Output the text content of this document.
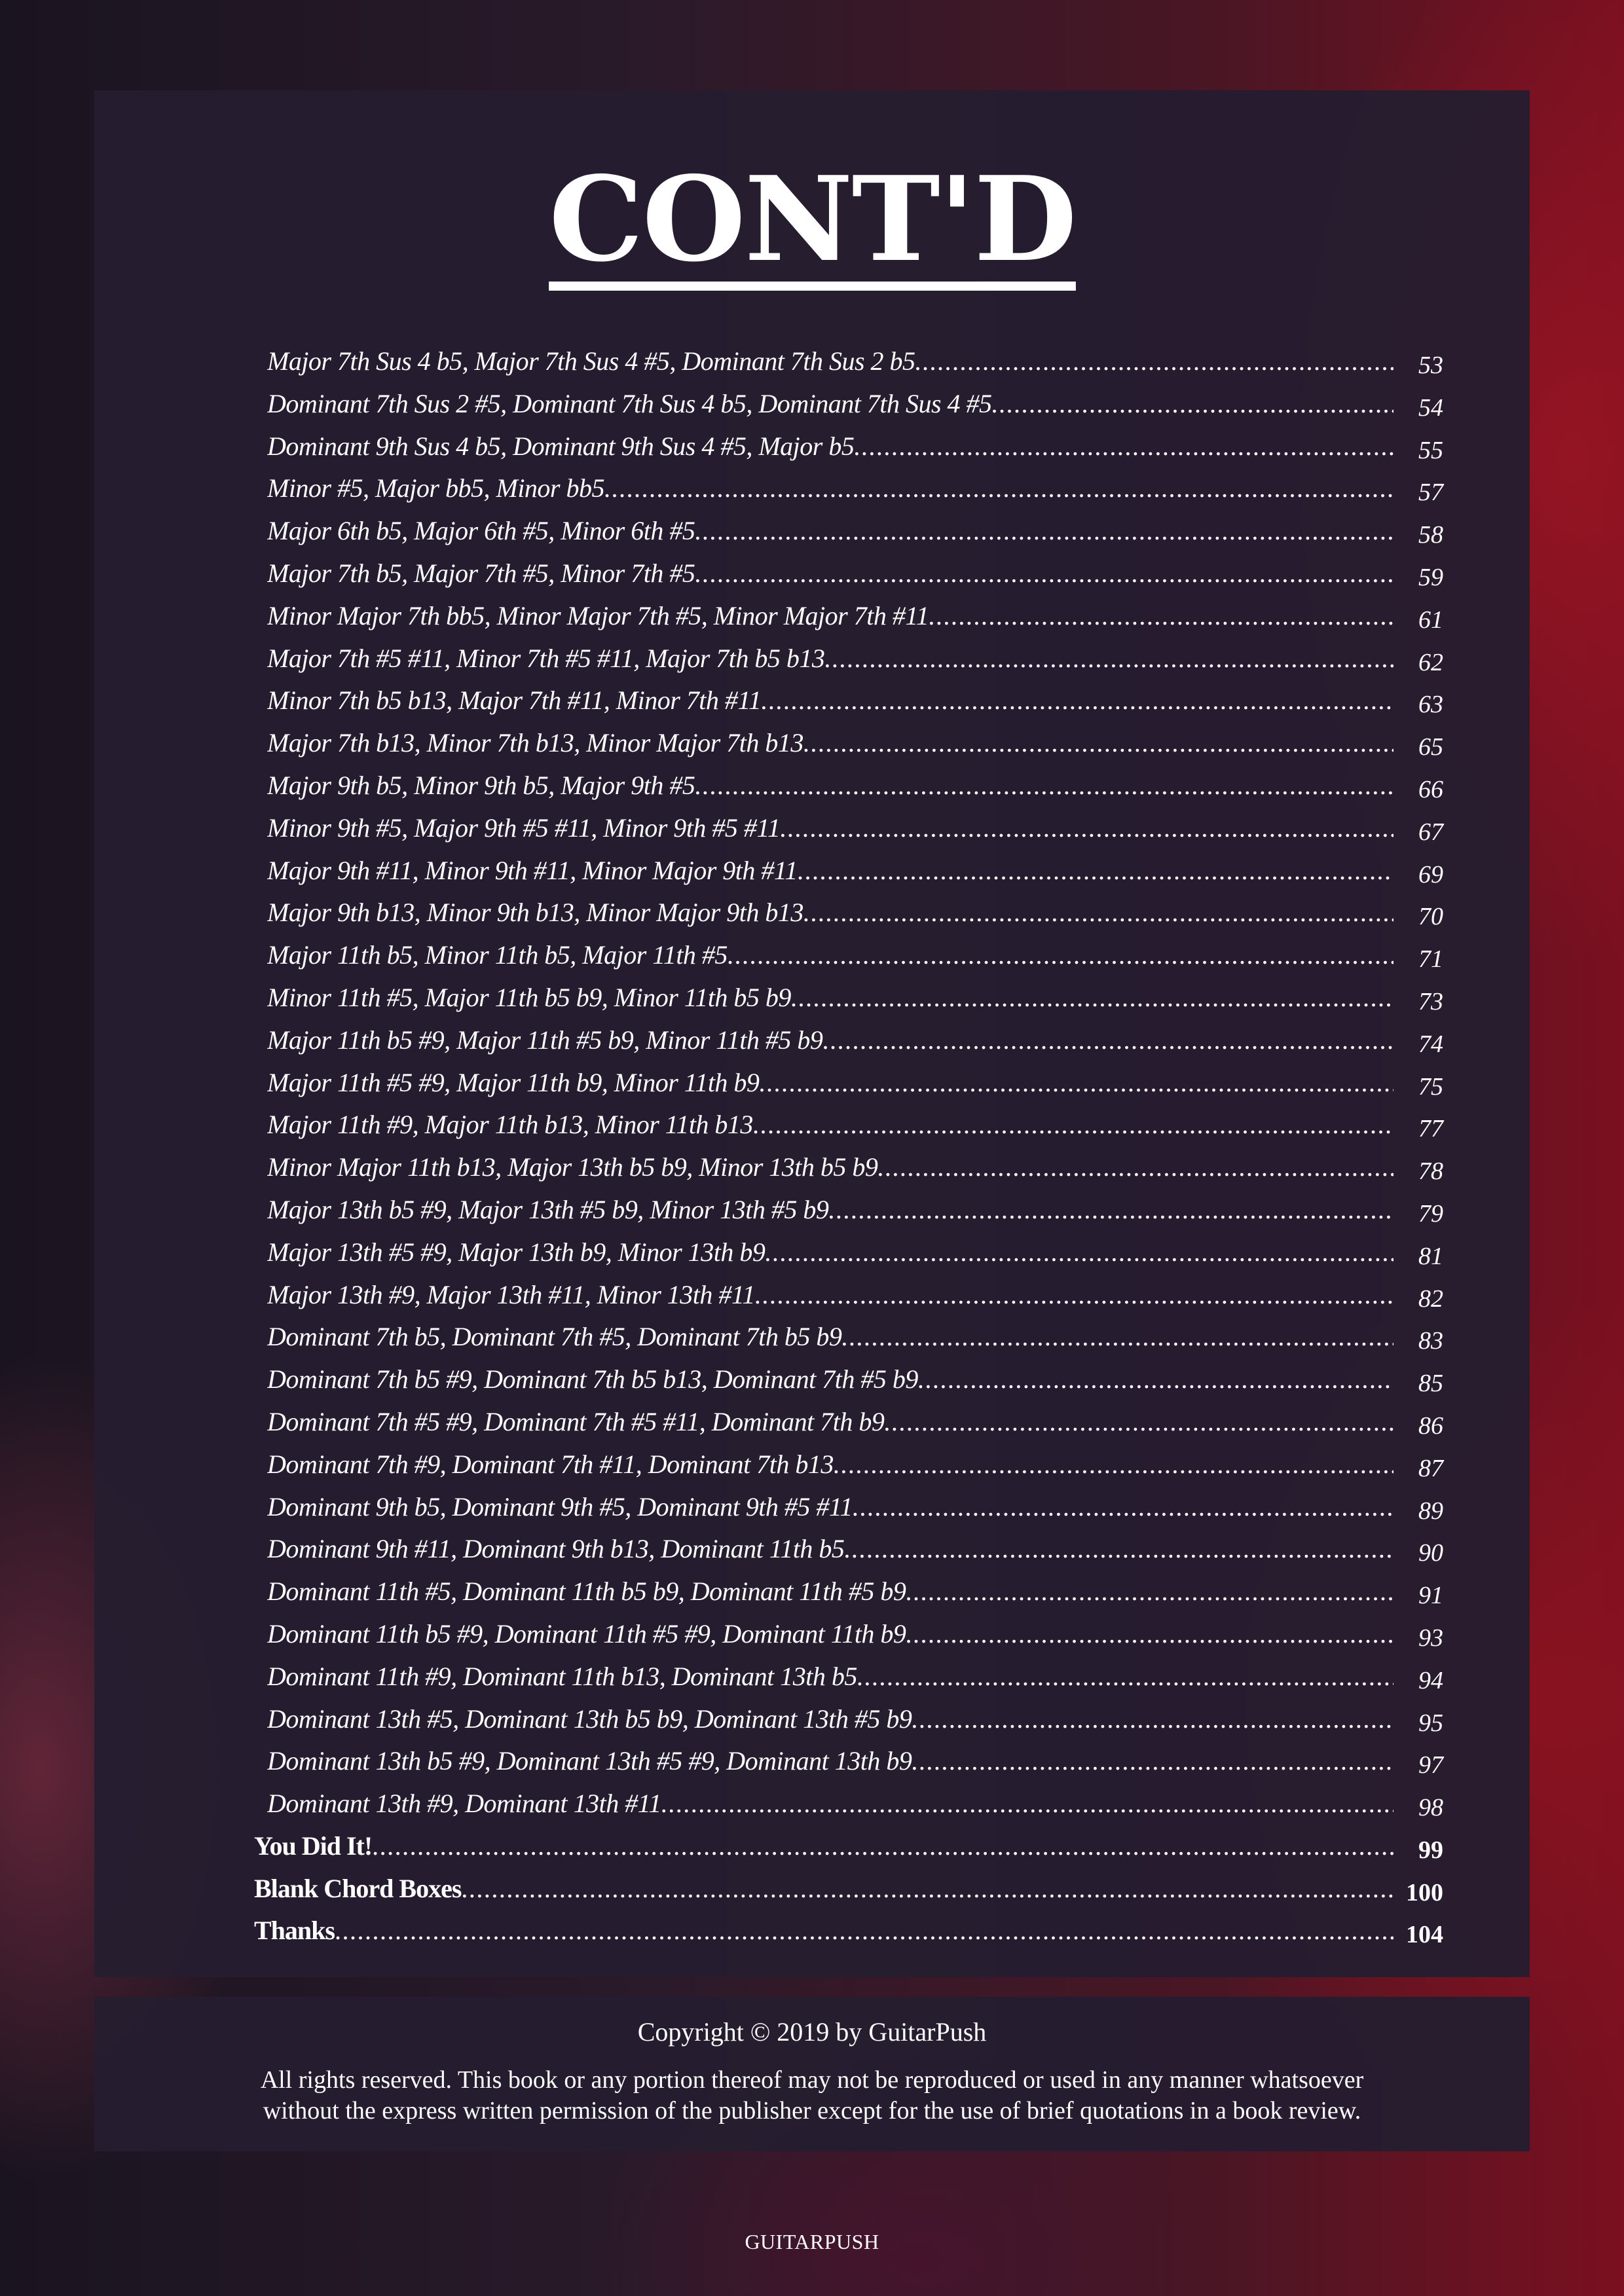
CONT'D
Major 7th Sus 4 b5, Major 7th Sus 4 #5, Dominant 7th Sus 2 b5 .....	53
Dominant 7th Sus 2 #5, Dominant 7th Sus 4 b5, Dominant 7th Sus 4 #5 .....	54
Dominant 9th Sus 4 b5, Dominant 9th Sus 4 #5, Major b5 .....	55
Minor #5, Major bb5, Minor bb5 .....	57
Major 6th b5, Major 6th #5, Minor 6th #5 .....	58
Major 7th b5, Major 7th #5, Minor 7th #5 .....	59
Minor Major 7th bb5, Minor Major 7th #5, Minor Major 7th #11 .....	61
Major 7th #5 #11, Minor 7th #5 #11, Major 7th b5 b13 .....	62
Minor 7th b5 b13, Major 7th #11, Minor 7th #11 .....	63
Major 7th b13, Minor 7th b13, Minor Major 7th b13 .....	65
Major 9th b5, Minor 9th b5, Major 9th #5 .....	66
Minor 9th #5, Major 9th #5 #11, Minor 9th #5 #11 .....	67
Major 9th #11, Minor 9th #11, Minor Major 9th #11 .....	69
Major 9th b13, Minor 9th b13, Minor Major 9th b13 .....	70
Major 11th b5, Minor 11th b5, Major 11th #5 .....	71
Minor 11th #5, Major 11th b5 b9, Minor 11th b5 b9 .....	73
Major 11th b5 #9, Major 11th #5 b9, Minor 11th #5 b9 .....	74
Major 11th #5 #9, Major 11th b9, Minor 11th b9 .....	75
Major 11th #9, Major 11th b13, Minor 11th b13 .....	77
Minor Major 11th b13, Major 13th b5 b9, Minor 13th b5 b9 .....	78
Major 13th b5 #9, Major 13th #5 b9, Minor 13th #5 b9 .....	79
Major 13th #5 #9, Major 13th b9, Minor 13th b9 .....	81
Major 13th #9, Major 13th #11, Minor 13th #11 .....	82
Dominant 7th b5, Dominant 7th #5, Dominant 7th b5 b9 .....	83
Dominant 7th b5 #9, Dominant 7th b5 b13, Dominant 7th #5 b9 .....	85
Dominant 7th #5 #9, Dominant 7th #5 #11, Dominant 7th b9 .....	86
Dominant 7th #9, Dominant 7th #11, Dominant 7th b13 .....	87
Dominant 9th b5, Dominant 9th #5, Dominant 9th #5 #11 .....	89
Dominant 9th #11, Dominant 9th b13, Dominant 11th b5 .....	90
Dominant 11th #5, Dominant 11th b5 b9, Dominant 11th #5 b9 .....	91
Dominant 11th b5 #9, Dominant 11th #5 #9, Dominant 11th b9 .....	93
Dominant 11th #9, Dominant 11th b13, Dominant 13th b5 .....	94
Dominant 13th #5, Dominant 13th b5 b9, Dominant 13th #5 b9 .....	95
Dominant 13th b5 #9, Dominant 13th #5 #9, Dominant 13th b9 .....	97
Dominant 13th #9, Dominant 13th #11 .....	98
You Did It! .....	99
Blank Chord Boxes .....	100
Thanks .....	104

Copyright © 2019 by GuitarPush

All rights reserved. This book or any portion thereof may not be reproduced or used in any manner whatsoever
without the express written permission of the publisher except for the use of brief quotations in a book review.

GUITARPUSH
